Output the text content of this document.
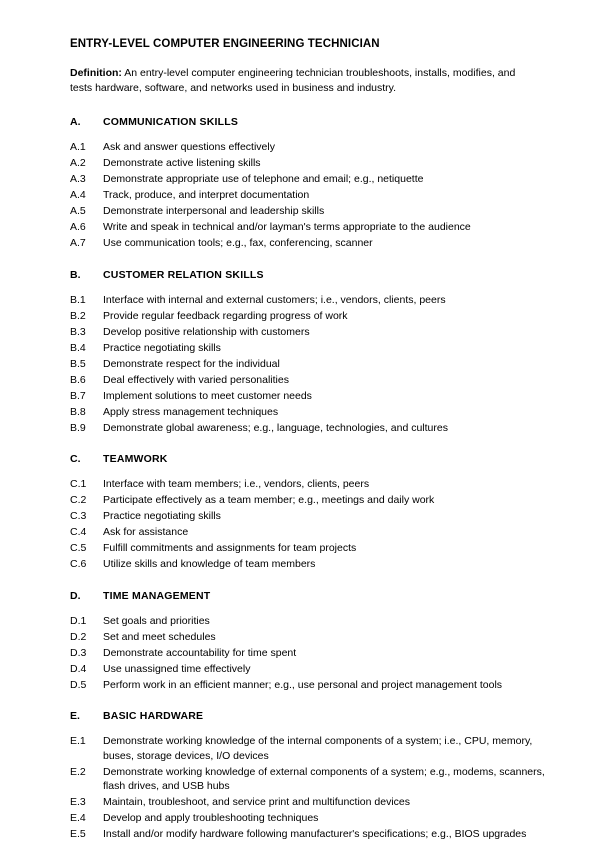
ENTRY-LEVEL COMPUTER ENGINEERING TECHNICIAN

Definition: An entry-level computer engineering technician troubleshoots, installs, modifies, and tests hardware, software, and networks used in business and industry.

A.	COMMUNICATION SKILLS
A.1	Ask and answer questions effectively
A.2	Demonstrate active listening skills
A.3	Demonstrate appropriate use of telephone and email; e.g., netiquette
A.4	Track, produce, and interpret documentation
A.5	Demonstrate interpersonal and leadership skills
A.6	Write and speak in technical and/or layman's terms appropriate to the audience
A.7	Use communication tools; e.g., fax, conferencing, scanner
B.	CUSTOMER RELATION SKILLS
B.1	Interface with internal and external customers; i.e., vendors, clients, peers
B.2	Provide regular feedback regarding progress of work
B.3	Develop positive relationship with customers
B.4	Practice negotiating skills
B.5	Demonstrate respect for the individual
B.6	Deal effectively with varied personalities
B.7	Implement solutions to meet customer needs
B.8	Apply stress management techniques
B.9	Demonstrate global awareness; e.g., language, technologies, and cultures
C.	TEAMWORK
C.1	Interface with team members; i.e., vendors, clients, peers
C.2	Participate effectively as a team member; e.g., meetings and daily work
C.3	Practice negotiating skills
C.4	Ask for assistance
C.5	Fulfill commitments and assignments for team projects
C.6	Utilize skills and knowledge of team members
D.	TIME MANAGEMENT
D.1	Set goals and priorities
D.2	Set and meet schedules
D.3	Demonstrate accountability for time spent
D.4	Use unassigned time effectively
D.5	Perform work in an efficient manner; e.g., use personal and project management tools
E.	BASIC HARDWARE
E.1	Demonstrate working knowledge of the internal components of a system; i.e., CPU, memory, buses, storage devices, I/O devices
E.2	Demonstrate working knowledge of external components of a system; e.g., modems, scanners, flash drives, and USB hubs
E.3	Maintain, troubleshoot, and service print and multifunction devices
E.4	Develop and apply troubleshooting techniques
E.5	Install and/or modify hardware following manufacturer's specifications; e.g., BIOS upgrades
